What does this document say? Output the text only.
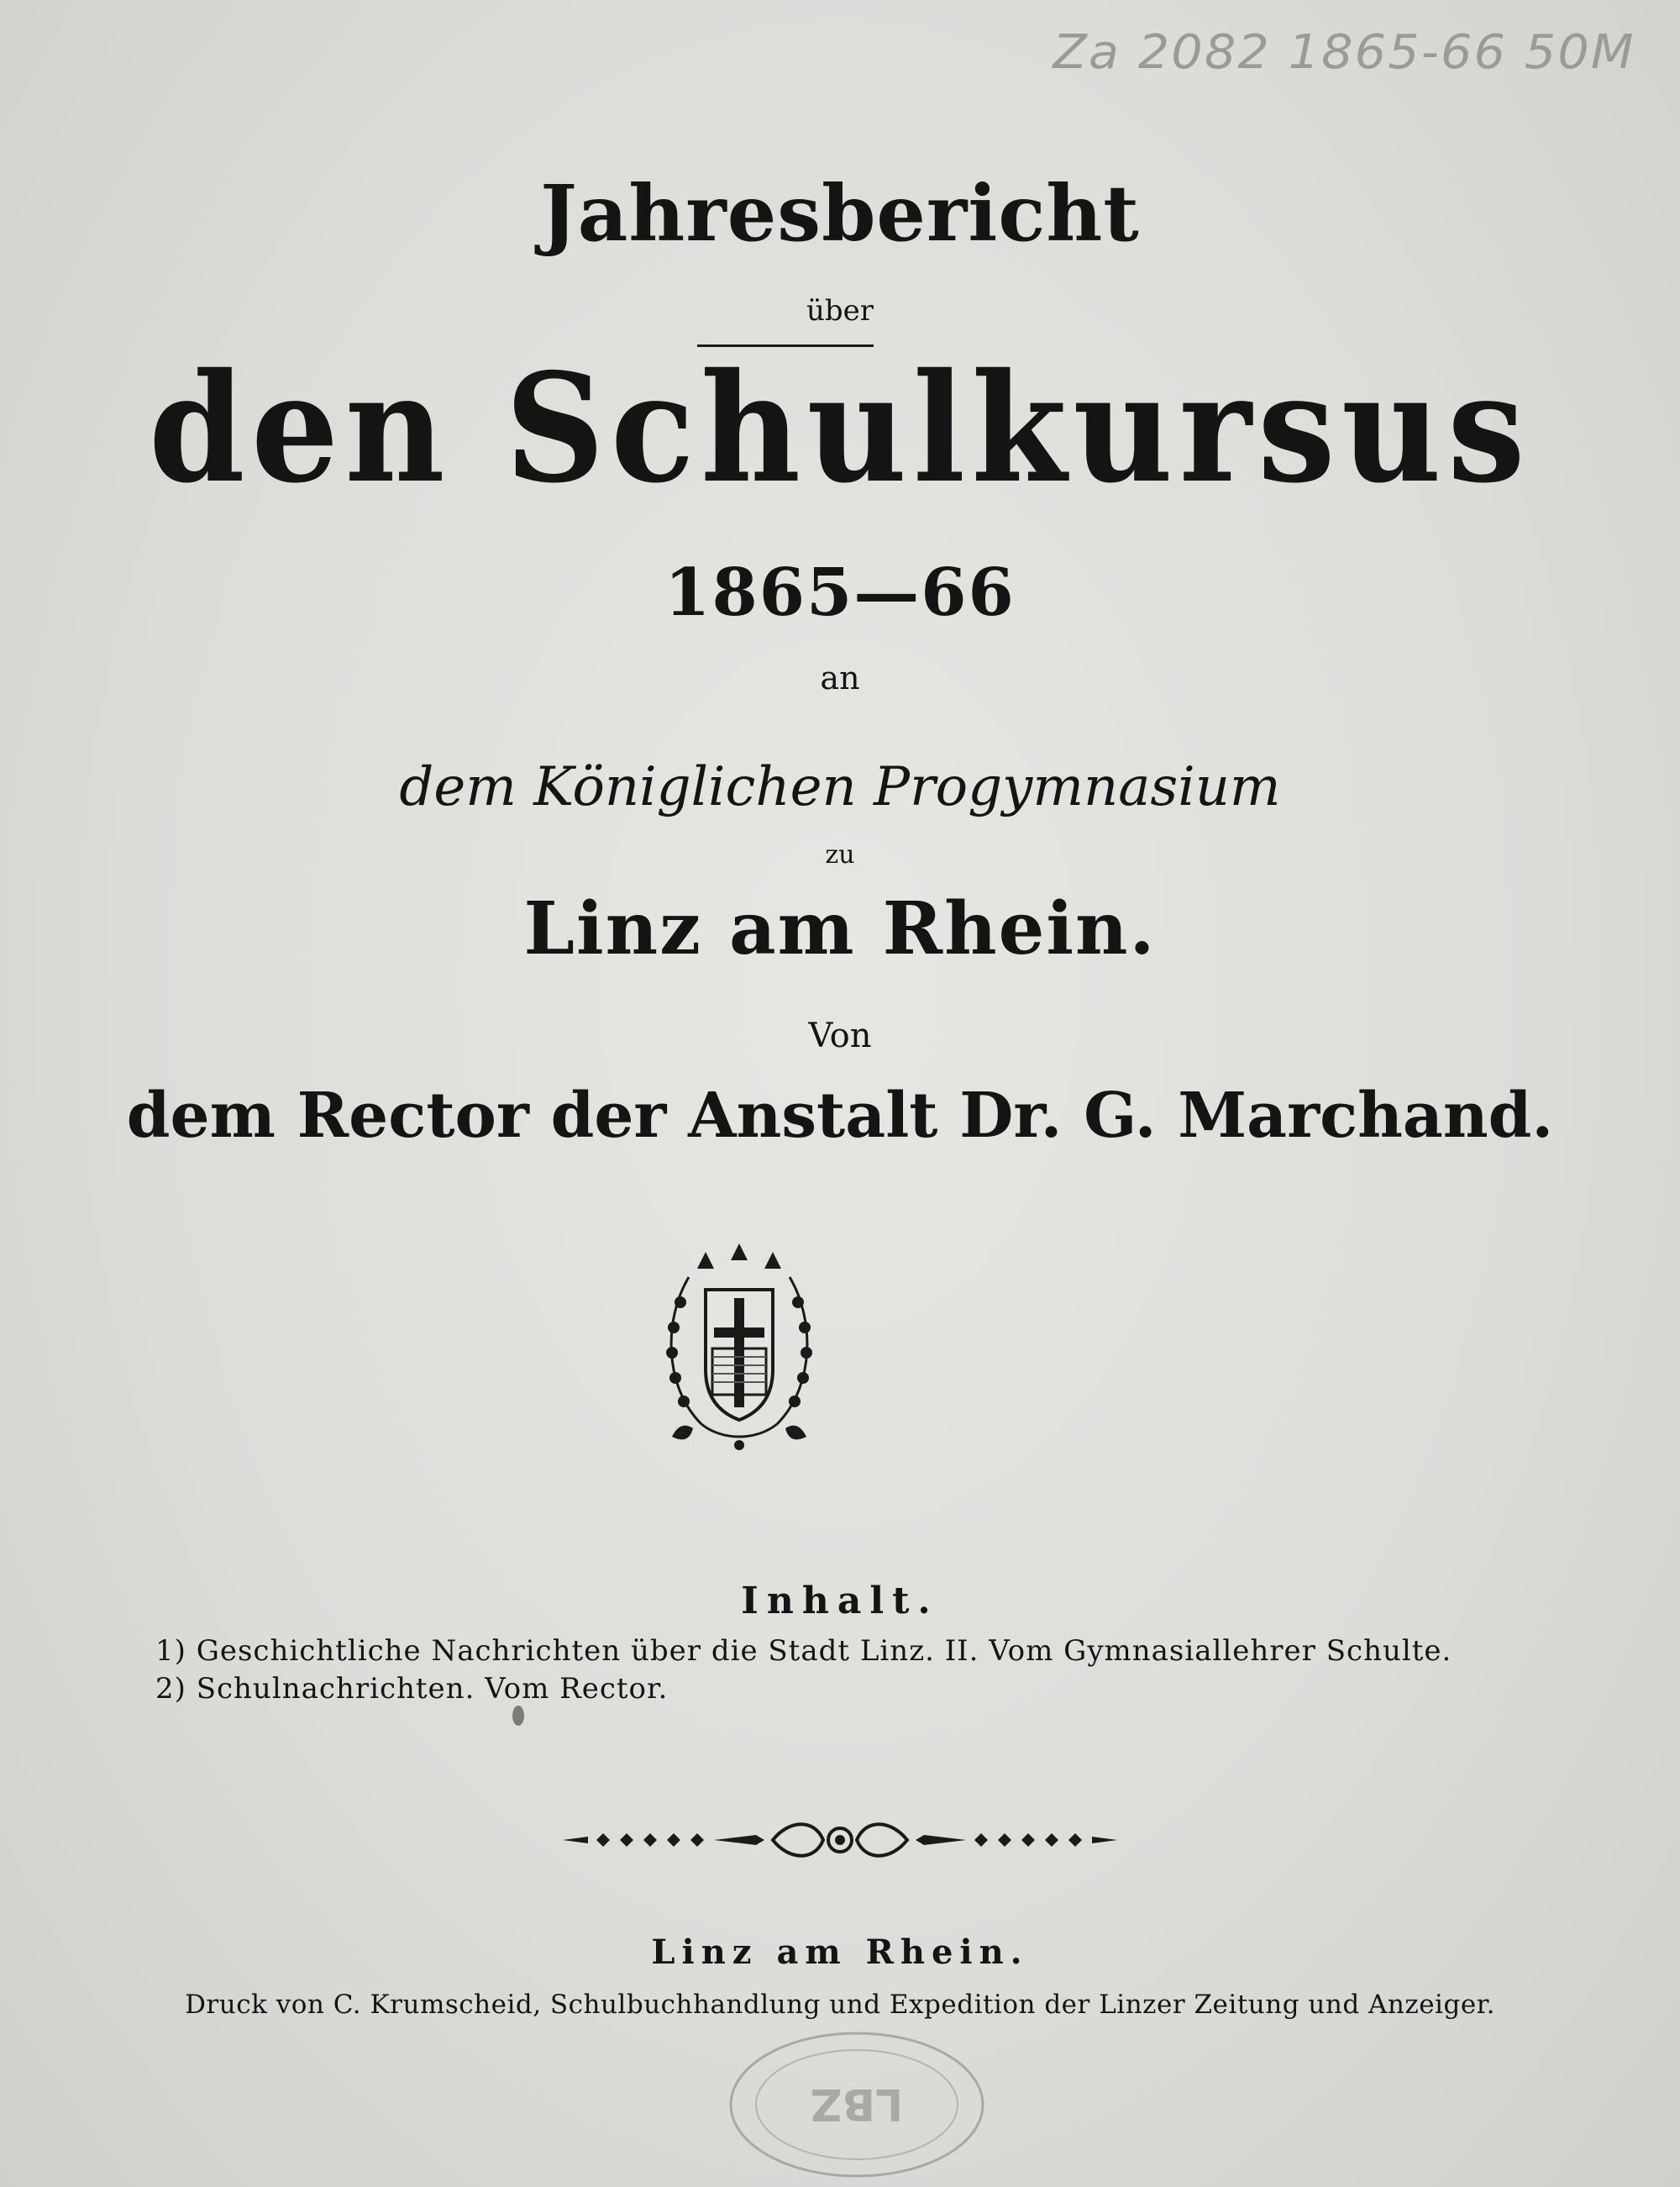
Za 2082 1865-66 50M
Jahresbericht
über
den Schulkursus
1865—66
an
dem Königlichen Progymnasium
zu
Linz am Rhein.
Von
dem Rector der Anstalt Dr. G. Marchand.
Inhalt.
1) Geschichtliche Nachrichten über die Stadt Linz. II. Vom Gymnasiallehrer Schulte.
2) Schulnachrichten. Vom Rector.
Linz am Rhein.
Druck von C. Krumscheid, Schulbuchhandlung und Expedition der Linzer Zeitung und Anzeiger.
LBZ
